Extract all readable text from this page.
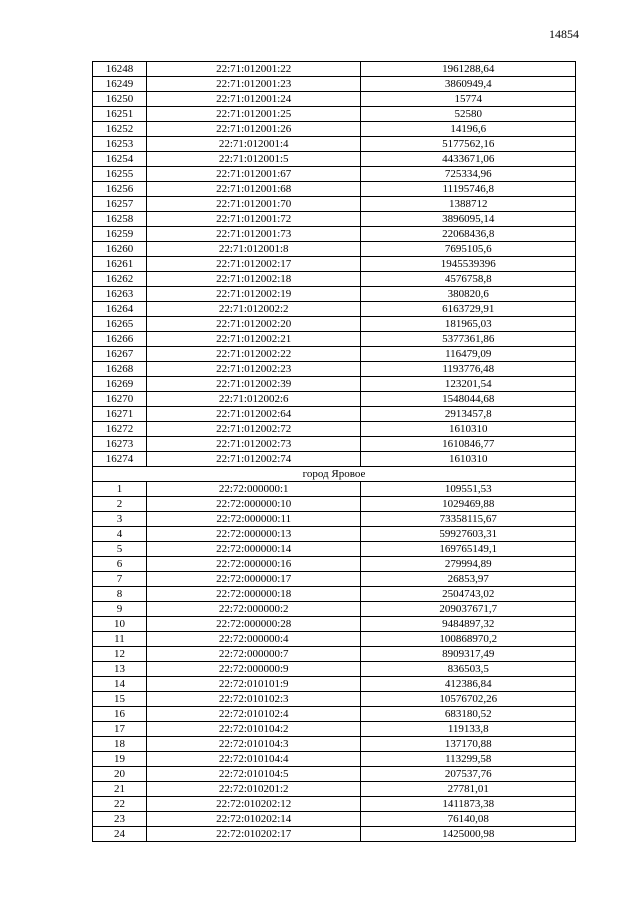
14854
16248	22:71:012001:22	1961288,64
16249	22:71:012001:23	3860949,4
16250	22:71:012001:24	15774
16251	22:71:012001:25	52580
16252	22:71:012001:26	14196,6
16253	22:71:012001:4	5177562,16
16254	22:71:012001:5	4433671,06
16255	22:71:012001:67	725334,96
16256	22:71:012001:68	11195746,8
16257	22:71:012001:70	1388712
16258	22:71:012001:72	3896095,14
16259	22:71:012001:73	22068436,8
16260	22:71:012001:8	7695105,6
16261	22:71:012002:17	1945539396
16262	22:71:012002:18	4576758,8
16263	22:71:012002:19	380820,6
16264	22:71:012002:2	6163729,91
16265	22:71:012002:20	181965,03
16266	22:71:012002:21	5377361,86
16267	22:71:012002:22	116479,09
16268	22:71:012002:23	1193776,48
16269	22:71:012002:39	123201,54
16270	22:71:012002:6	1548044,68
16271	22:71:012002:64	2913457,8
16272	22:71:012002:72	1610310
16273	22:71:012002:73	1610846,77
16274	22:71:012002:74	1610310
город Яровое		
1	22:72:000000:1	109551,53
2	22:72:000000:10	1029469,88
3	22:72:000000:11	73358115,67
4	22:72:000000:13	59927603,31
5	22:72:000000:14	169765149,1
6	22:72:000000:16	279994,89
7	22:72:000000:17	26853,97
8	22:72:000000:18	2504743,02
9	22:72:000000:2	209037671,7
10	22:72:000000:28	9484897,32
11	22:72:000000:4	100868970,2
12	22:72:000000:7	8909317,49
13	22:72:000000:9	836503,5
14	22:72:010101:9	412386,84
15	22:72:010102:3	10576702,26
16	22:72:010102:4	683180,52
17	22:72:010104:2	119133,8
18	22:72:010104:3	137170,88
19	22:72:010104:4	113299,58
20	22:72:010104:5	207537,76
21	22:72:010201:2	27781,01
22	22:72:010202:12	1411873,38
23	22:72:010202:14	76140,08
24	22:72:010202:17	1425000,98
